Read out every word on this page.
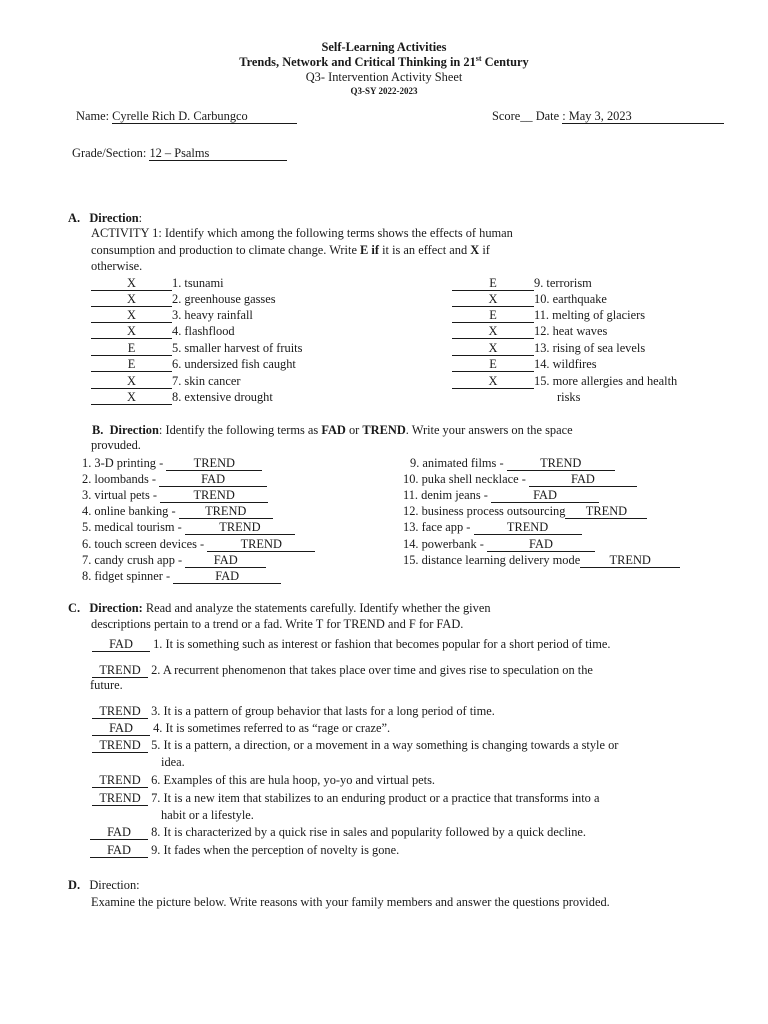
Self-Learning Activities
Trends, Network and Critical Thinking in 21st Century
Q3- Intervention Activity Sheet
Q3-SY 2022-2023
Name: Cyrelle Rich D. Carbungco	Score__ Date : May 3, 2023
Grade/Section: 12 – Psalms
A. Direction:
ACTIVITY 1: Identify which among the following terms shows the effects of human
consumption and production to climate change. Write E if it is an effect and X if
otherwise.
X	1. tsunami
X	2. greenhouse gasses
X	3. heavy rainfall
X	4. flashflood
E	5. smaller harvest of fruits
E	6. undersized fish caught
X	7. skin cancer
X	8. extensive drought
E	9. terrorism
X	10. earthquake
E	11. melting of glaciers
X	12. heat waves
X	13. rising of sea levels
E	14. wildfires
X	15. more allergies and health
risks
B. Direction: Identify the following terms as FAD or TREND. Write your answers on the space
provuded.
1. 3-D printing - TREND
2. loombands -	FAD
3. virtual pets -	TREND
4. online banking - TREND
5. medical tourism -	TREND
6. touch screen devices -	TREND
7. candy crush app -	FAD
8. fidget spinner -	FAD
9. animated films -	TREND
10. puka shell necklace -	FAD
11. denim jeans -	FAD
12. business process outsourcing TREND
13. face app -	TREND
14. powerbank -	FAD
15. distance learning delivery mode TREND
C. Direction: Read and analyze the statements carefully. Identify whether the given
descriptions pertain to a trend or a fad. Write T for TREND and F for FAD.
FAD 1. It is something such as interest or fashion that becomes popular for a short period of time.
TREND 2. A recurrent phenomenon that takes place over time and gives rise to speculation on the
future.
TREND 3. It is a pattern of group behavior that lasts for a long period of time.
FAD 4. It is sometimes referred to as “rage or craze”.
TREND 5. It is a pattern, a direction, or a movement in a way something is changing towards a style or
idea.
TREND 6. Examples of this are hula hoop, yo-yo and virtual pets.
TREND 7. It is a new item that stabilizes to an enduring product or a practice that transforms into a
habit or a lifestyle.
FAD 8. It is characterized by a quick rise in sales and popularity followed by a quick decline.
FAD 9. It fades when the perception of novelty is gone.
D. Direction:
Examine the picture below. Write reasons with your family members and answer the questions provided.
